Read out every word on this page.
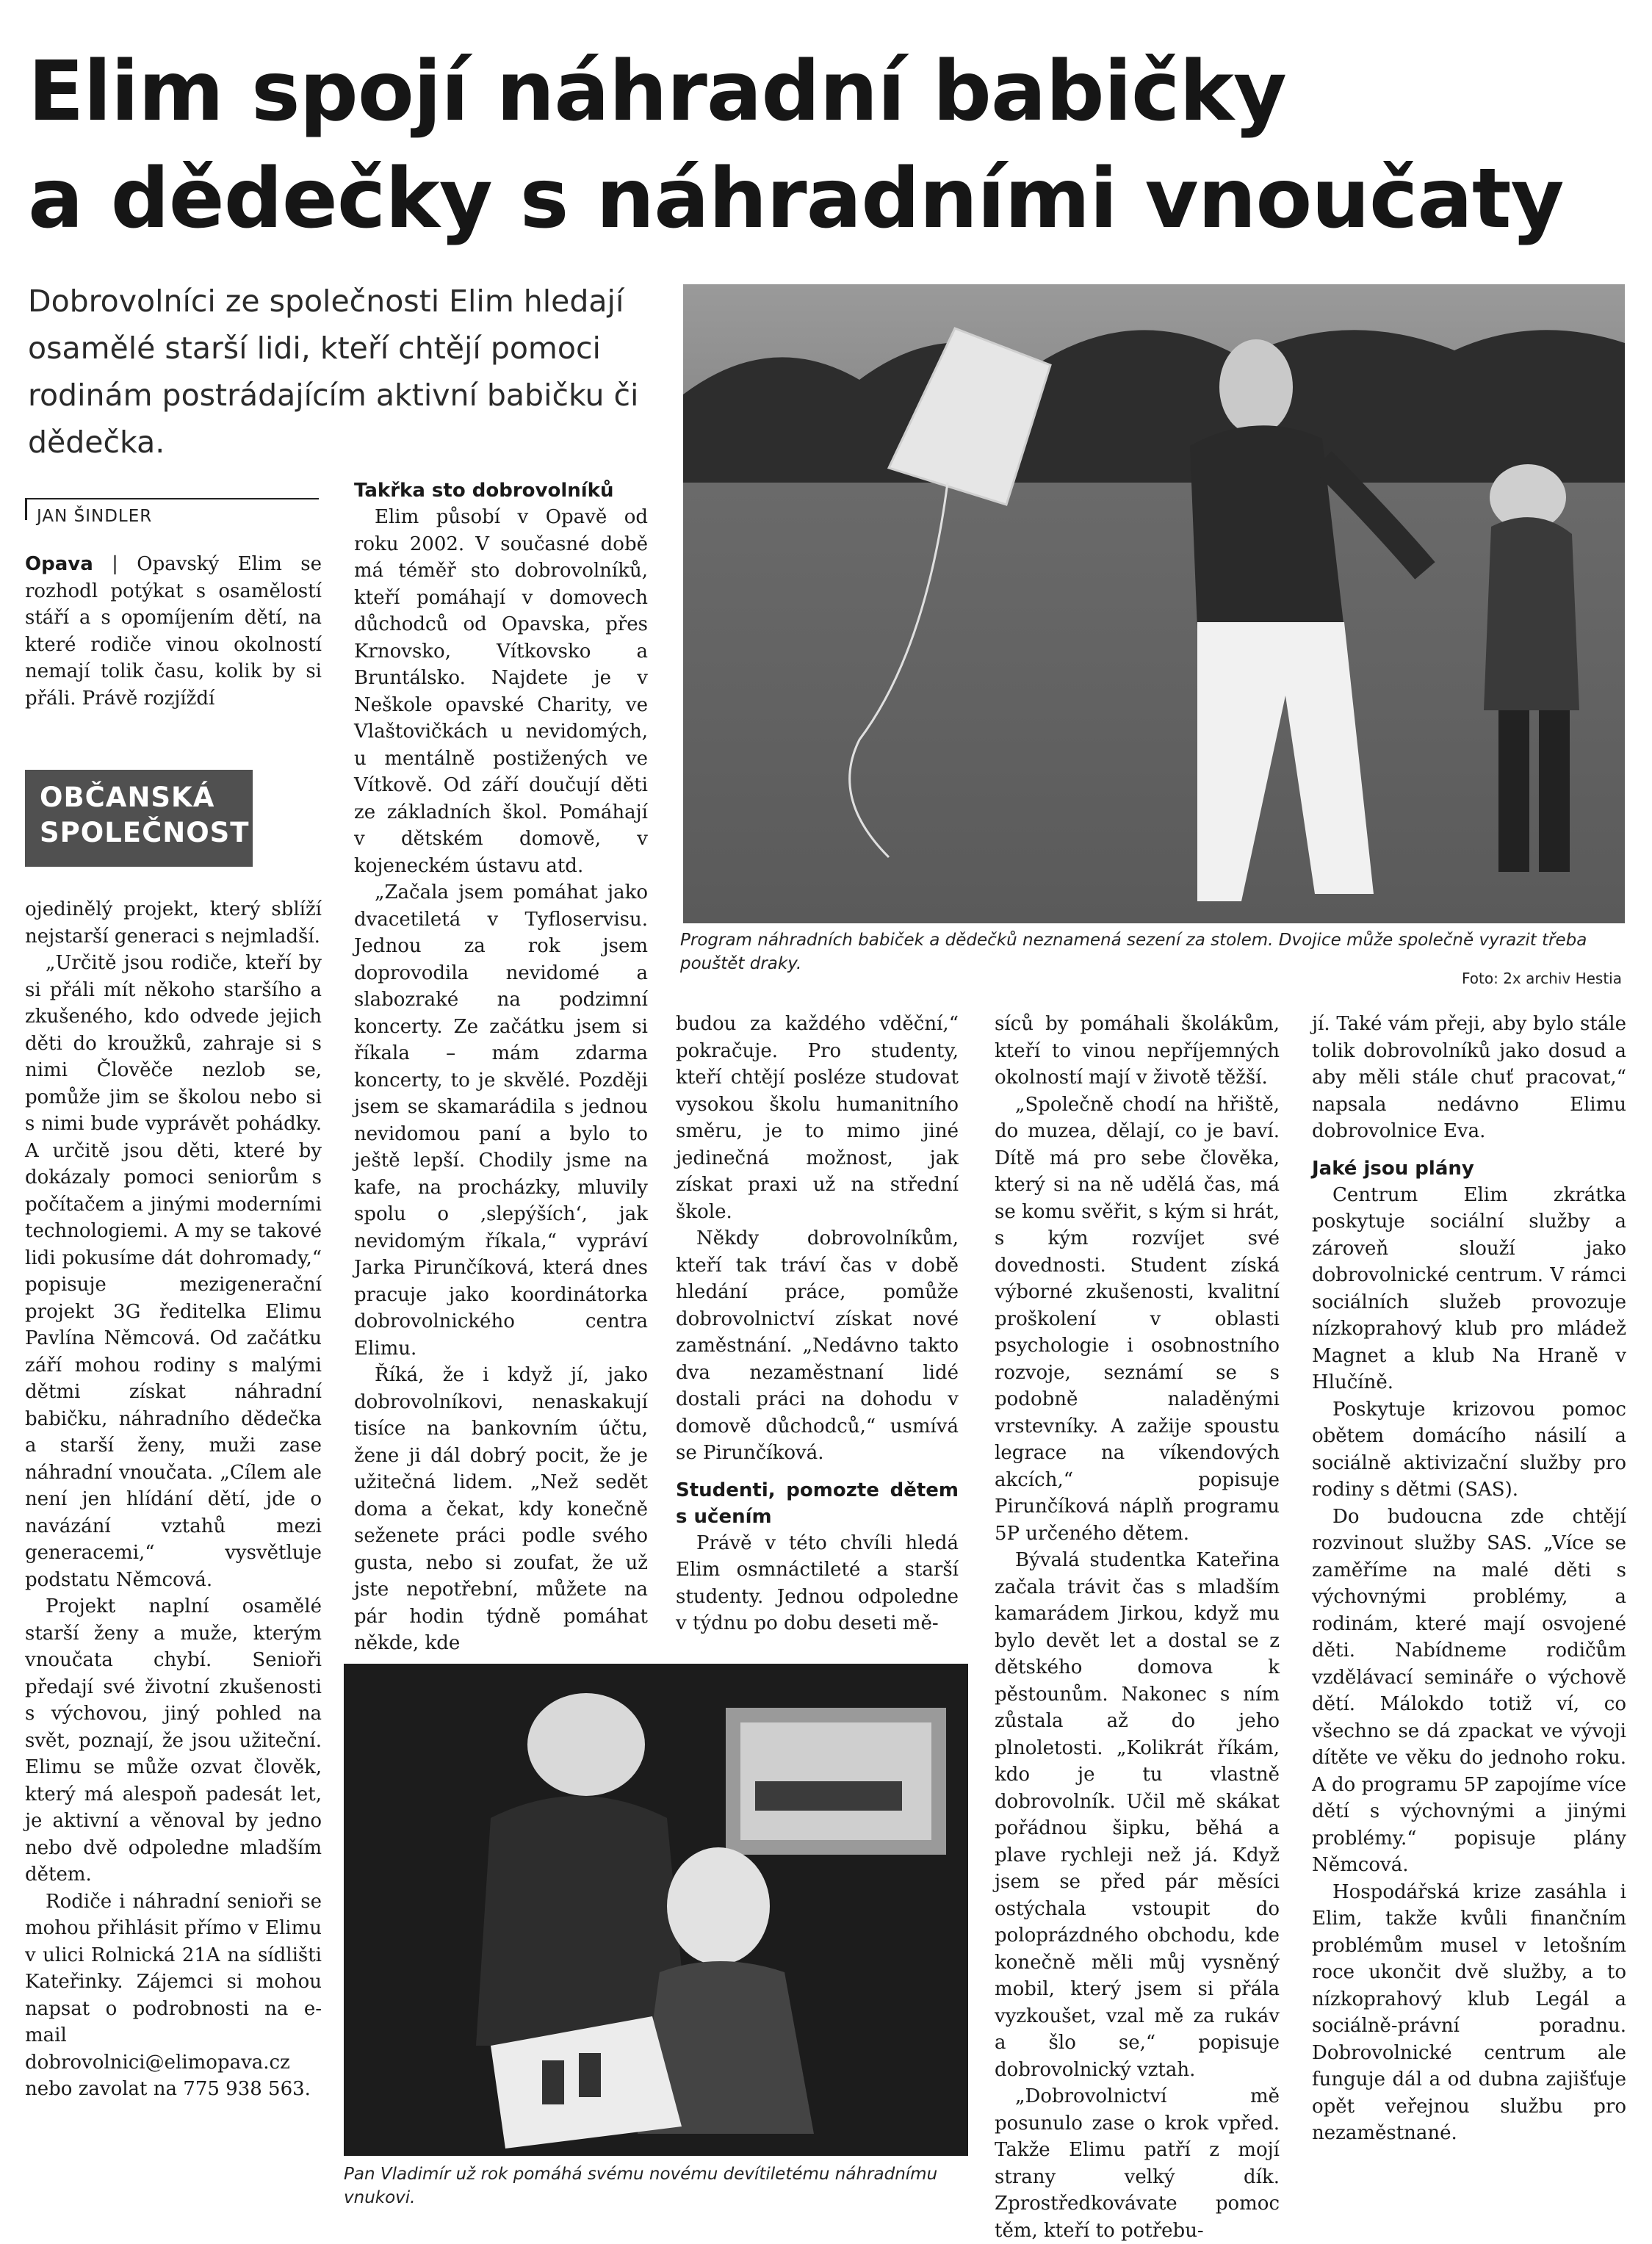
Elim spojí náhradní babičky
a dědečky s náhradními vnoučaty
Dobrovolníci ze společnosti Elim hledají osamělé starší lidi, kteří chtějí pomoci rodinám postrádajícím aktivní babičku či dědečka.
JAN ŠINDLER
Program náhradních babiček a dědečků neznamená sezení za stolem. Dvojice může společně vyrazit třeba pouštět draky.
Foto: 2x archiv Hestia

Opava | Opavský Elim se rozhodl potýkat s osamělostí stáří a s opomíjením dětí, na které rodiče vinou okolností nemají tolik času, kolik by si přáli. Právě rozjíždí

OBČANSKÁ
SPOLEČNOST

ojedinělý projekt, který sblíží nejstarší generaci s nejmladší.

„Určitě jsou rodiče, kteří by si přáli mít někoho staršího a zkušeného, kdo odvede jejich děti do kroužků, zahraje si s nimi Člověče nezlob se, pomůže jim se školou nebo si s nimi bude vyprávět pohádky. A určitě jsou děti, které by dokázaly pomoci seniorům s počítačem a jinými moderními technologiemi. A my se takové lidi pokusíme dát dohromady,“ popisuje mezigenerační projekt 3G ředitelka Elimu Pavlína Němcová. Od začátku září mohou rodiny s malými dětmi získat náhradní babičku, náhradního dědečka a starší ženy, muži zase náhradní vnoučata. „Cílem ale není jen hlídání dětí, jde o navázání vztahů mezi generacemi,“ vysvětluje podstatu Němcová.

Projekt naplní osamělé starší ženy a muže, kterým vnoučata chybí. Senioři předají své životní zkušenosti s výchovou, jiný pohled na svět, poznají, že jsou užiteční. Elimu se může ozvat člověk, který má alespoň padesát let, je aktivní a věnoval by jedno nebo dvě odpoledne mladším dětem.

Rodiče i náhradní senioři se mohou přihlásit přímo v Elimu v ulici Rolnická 21A na sídlišti Kateřinky. Zájemci si mohou napsat o podrobnosti na e-mail dobrovolnici@elimopava.cz nebo zavolat na 775 938 563.

Takřka sto dobrovolníků

Elim působí v Opavě od roku 2002. V současné době má téměř sto dobrovolníků, kteří pomáhají v domovech důchodců od Opavska, přes Krnovsko, Vítkovsko a Bruntálsko. Najdete je v Neškole opavské Charity, ve Vlaštovičkách u nevidomých, u mentálně postižených ve Vítkově. Od září doučují děti ze základních škol. Pomáhají v dětském domově, v kojeneckém ústavu atd.

„Začala jsem pomáhat jako dvacetiletá v Tyfloservisu. Jednou za rok jsem doprovodila nevidomé a slabozraké na podzimní koncerty. Ze začátku jsem si říkala – mám zdarma koncerty, to je skvělé. Později jsem se skamarádila s jednou nevidomou paní a bylo to ještě lepší. Chodily jsme na kafe, na procházky, mluvily spolu o ‚slepýších‘, jak nevidomým říkala,“ vypráví Jarka Pirunčíková, která dnes pracuje jako koordinátorka dobrovolnického centra Elimu.

Říká, že i když jí, jako dobrovolníkovi, nenaskakují tisíce na bankovním účtu, žene ji dál dobrý pocit, že je užitečná lidem. „Než sedět doma a čekat, kdy konečně seženete práci podle svého gusta, nebo si zoufat, že už jste nepotřební, můžete na pár hodin týdně pomáhat někde, kde

budou za každého vděční,“ pokračuje. Pro studenty, kteří chtějí posléze studovat vysokou školu humanitního směru, je to mimo jiné jedinečná možnost, jak získat praxi už na střední škole.

Někdy dobrovolníkům, kteří tak tráví čas v době hledání práce, pomůže dobrovolnictví získat nové zaměstnání. „Nedávno takto dva nezaměstnaní lidé dostali práci na dohodu v domově důchodců,“ usmívá se Pirunčíková.

Studenti, pomozte dětem s učením

Právě v této chvíli hledá Elim osmnáctileté a starší studenty. Jednou odpoledne v týdnu po dobu deseti mě-

síců by pomáhali školákům, kteří to vinou nepříjemných okolností mají v životě těžší.

„Společně chodí na hřiště, do muzea, dělají, co je baví. Dítě má pro sebe člověka, který si na ně udělá čas, má se komu svěřit, s kým si hrát, s kým rozvíjet své dovednosti. Student získá výborné zkušenosti, kvalitní proškolení v oblasti psychologie i osobnostního rozvoje, seznámí se s podobně naladěnými vrstevníky. A zažije spoustu legrace na víkendových akcích,“ popisuje Pirunčíková náplň programu 5P určeného dětem.

Bývalá studentka Kateřina začala trávit čas s mladším kamarádem Jirkou, když mu bylo devět let a dostal se z dětského domova k pěstounům. Nakonec s ním zůstala až do jeho plnoletosti. „Kolikrát říkám, kdo je tu vlastně dobrovolník. Učil mě skákat pořádnou šipku, běhá a plave rychleji než já. Když jsem se před pár měsíci ostýchala vstoupit do poloprázdného obchodu, kde konečně měli můj vysněný mobil, který jsem si přála vyzkoušet, vzal mě za rukáv a šlo se,“ popisuje dobrovolnický vztah.

„Dobrovolnictví mě posunulo zase o krok vpřed. Takže Elimu patří z mojí strany velký dík. Zprostředkovávate pomoc těm, kteří to potřebu-

jí. Také vám přeji, aby bylo stále tolik dobrovolníků jako dosud a aby měli stále chuť pracovat,“ napsala nedávno Elimu dobrovolnice Eva.

Jaké jsou plány

Centrum Elim zkrátka poskytuje sociální služby a zároveň slouží jako dobrovolnické centrum. V rámci sociálních služeb provozuje nízkoprahový klub pro mládež Magnet a klub Na Hraně v Hlučíně.

Poskytuje krizovou pomoc obětem domácího násilí a sociálně aktivizační služby pro rodiny s dětmi (SAS).

Do budoucna zde chtějí rozvinout služby SAS. „Více se zaměříme na malé děti s výchovnými problémy, a rodinám, které mají osvojené děti. Nabídneme rodičům vzdělávací semináře o výchově dětí. Málokdo totiž ví, co všechno se dá zpackat ve vývoji dítěte ve věku do jednoho roku. A do programu 5P zapojíme více dětí s výchovnými a jinými problémy.“ popisuje plány Němcová.

Hospodářská krize zasáhla i Elim, takže kvůli finančním problémům musel v letošním roce ukončit dvě služby, a to nízkoprahový klub Legál a sociálně-právní poradnu. Dobrovolnické centrum ale funguje dál a od dubna zajišťuje opět veřejnou službu pro nezaměstnané.

Pan Vladimír už rok pomáhá svému novému devítiletému náhradnímu vnukovi.
